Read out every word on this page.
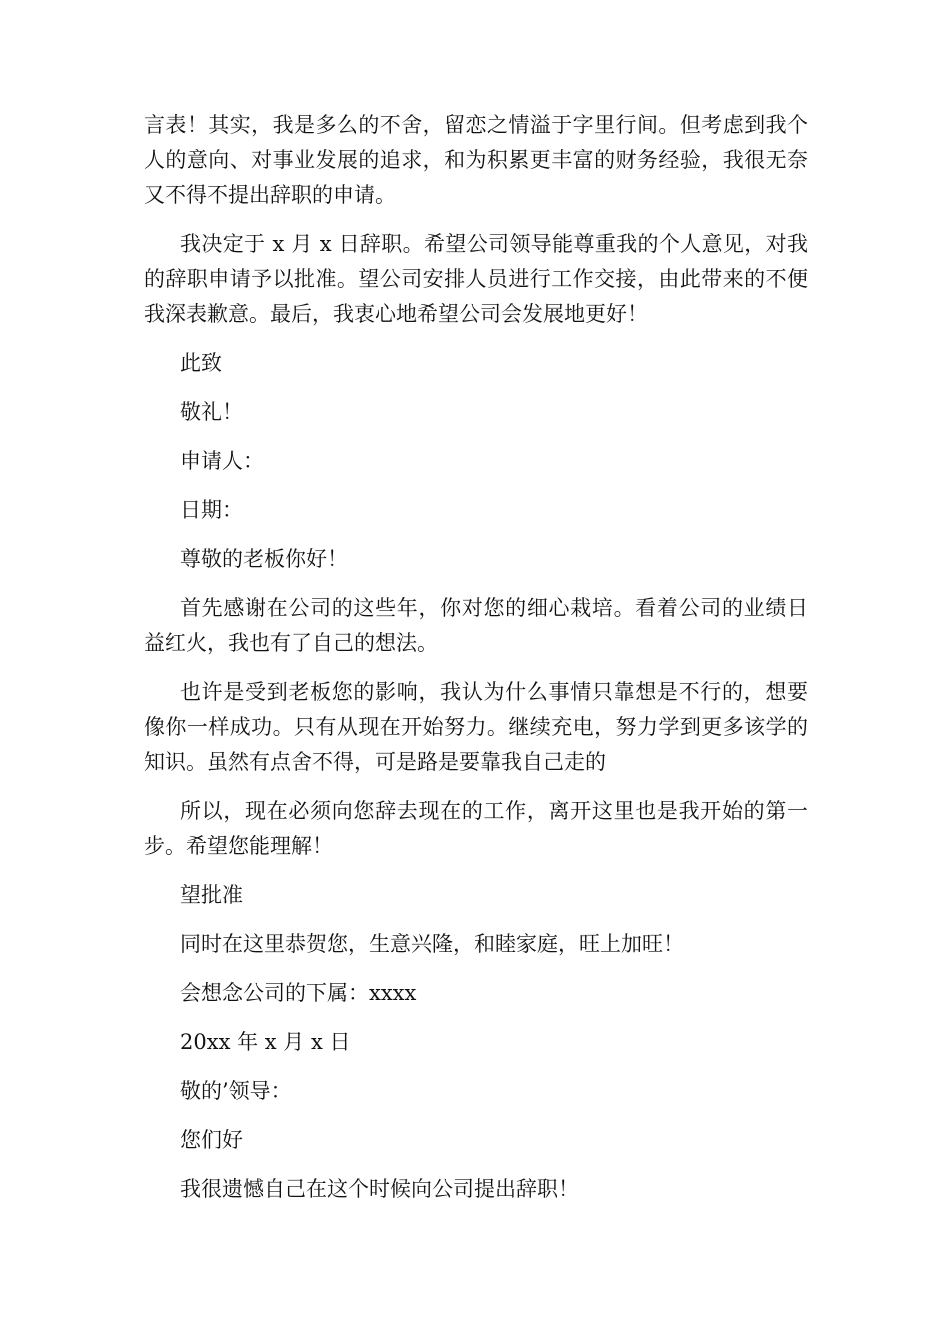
言表！其实，我是多么的不舍，留恋之情溢于字里行间。但考虑到我个人的意向、对事业发展的追求，和为积累更丰富的财务经验，我很无奈又不得不提出辞职的申请。

我决定于 x 月 x 日辞职。希望公司领导能尊重我的个人意见，对我的辞职申请予以批准。望公司安排人员进行工作交接，由此带来的不便我深表歉意。最后，我衷心地希望公司会发展地更好！

此致

敬礼！

申请人：

日期：

尊敬的老板你好！

首先感谢在公司的这些年，你对您的细心栽培。看着公司的业绩日益红火，我也有了自己的想法。

也许是受到老板您的影响，我认为什么事情只靠想是不行的，想要像你一样成功。只有从现在开始努力。继续充电，努力学到更多该学的知识。虽然有点舍不得，可是路是要靠我自己走的

所以，现在必须向您辞去现在的工作，离开这里也是我开始的第一步。希望您能理解！

望批准

同时在这里恭贺您，生意兴隆，和睦家庭，旺上加旺！

会想念公司的下属：xxxx

20xx 年 x 月 x 日

敬的’领导：

您们好

我很遗憾自己在这个时候向公司提出辞职！
